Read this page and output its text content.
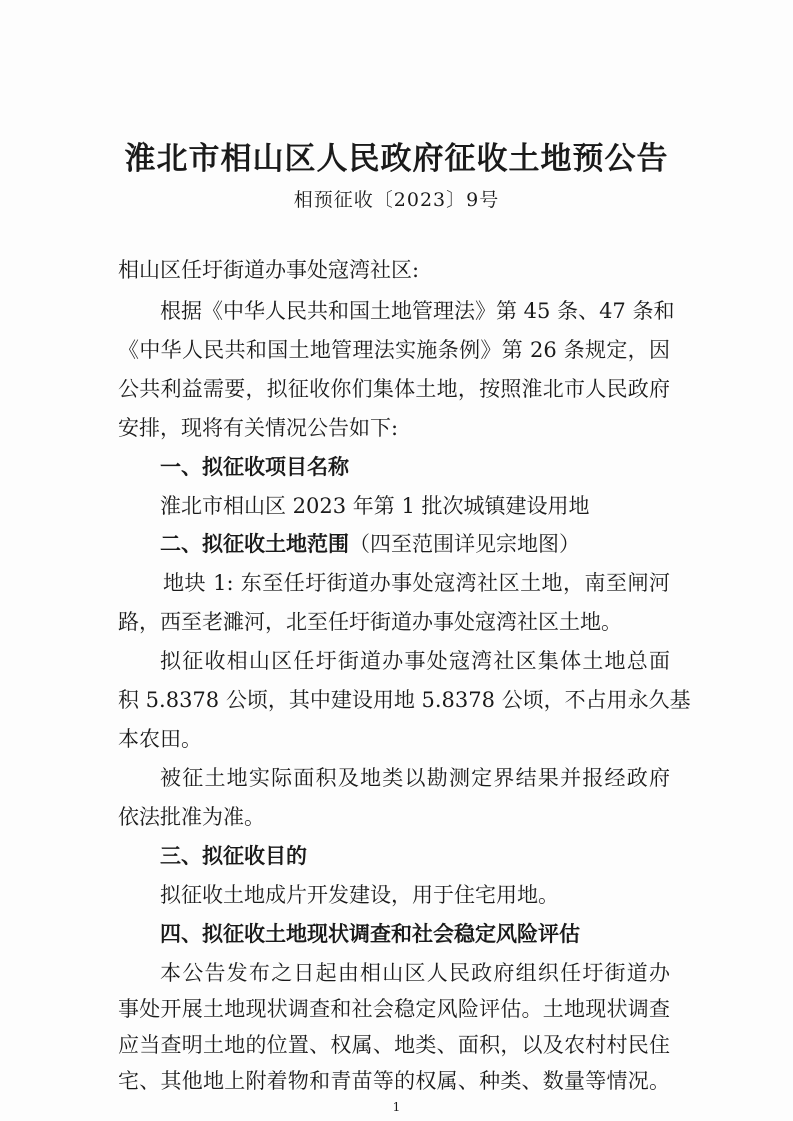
淮北市相山区人民政府征收土地预公告
相预征收〔2023〕9号
相山区任圩街道办事处寇湾社区:
根据《中华人民共和国土地管理法》第 45 条、47 条和
《中华人民共和国土地管理法实施条例》第 26 条规定，因
公共利益需要，拟征收你们集体土地，按照淮北市人民政府
安排，现将有关情况公告如下:
一、拟征收项目名称
淮北市相山区 2023 年第 1 批次城镇建设用地
二、拟征收土地范围（四至范围详见宗地图）
地块 1: 东至任圩街道办事处寇湾社区土地，南至闸河
路，西至老濉河，北至任圩街道办事处寇湾社区土地。
拟征收相山区任圩街道办事处寇湾社区集体土地总面
积 5.8378 公顷，其中建设用地 5.8378 公顷，不占用永久基
本农田。
被征土地实际面积及地类以勘测定界结果并报经政府
依法批准为准。
三、拟征收目的
拟征收土地成片开发建设，用于住宅用地。
四、拟征收土地现状调查和社会稳定风险评估
本公告发布之日起由相山区人民政府组织任圩街道办
事处开展土地现状调查和社会稳定风险评估。土地现状调查
1
应当查明土地的位置、权属、地类、面积，以及农村村民住
宅、其他地上附着物和青苗等的权属、种类、数量等情况。
